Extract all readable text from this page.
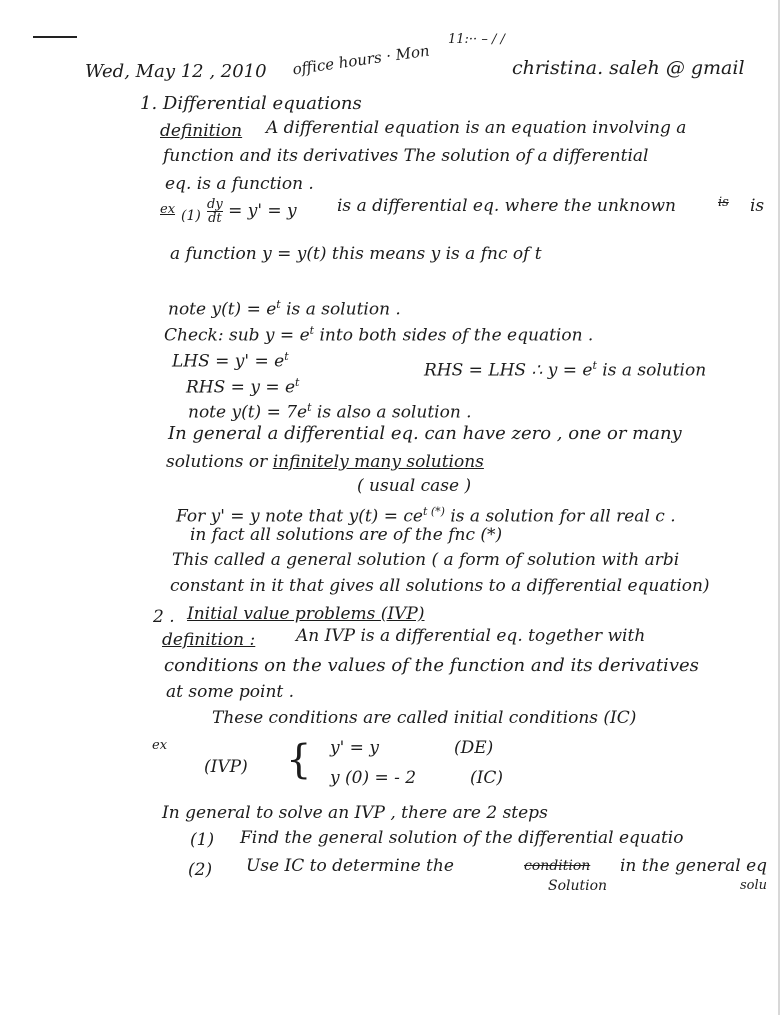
Wed, May 12 , 2010 office hours · Mon
11:·· – / /
christina. saleh @ gmail
1. Differential equations
definition A differential equation is an equation involving a
function and its derivatives The solution of a differential
eq. is a function .
ex $(1) \frac{dy}{dt} = y' = y$ is a differential eq. where the unknown	is is
a function y = y(t) this means y is a fnc of t
note $y(t) = e^t$ is a solution .
Check: sub $y = e^t$ into both sides of the equation .
LHS = $y' = e^t$
RHS = LHS ∴ $y = e^t$ is a solution
RHS = $y = e^t$
note $y(t) = 7e^t$ is also a solution .
In general a differential eq. can have zero , one or many
solutions or infinitely many solutions
( usual case )
For y' = y note that $y(t) = ce^{t (*)}$ is a solution for all real c .
in fact all solutions are of the fnc (*)
This called a general solution ( a form of solution with arbi
constant in it that gives all solutions to a differential equation)
2 . Initial value problems (IVP)
definition : An IVP is a differential eq. together with
conditions on the values of the function and its derivatives
at some point .
These conditions are called initial conditions (IC)
ex
(IVP) { y' = y	(DE)
y (0) = - 2	(IC)
In general to solve an IVP , there are 2 steps
(1) Find the general solution of the differential equatio
(2) Use IC to determine the	condition in the general eq
Solution	solu
